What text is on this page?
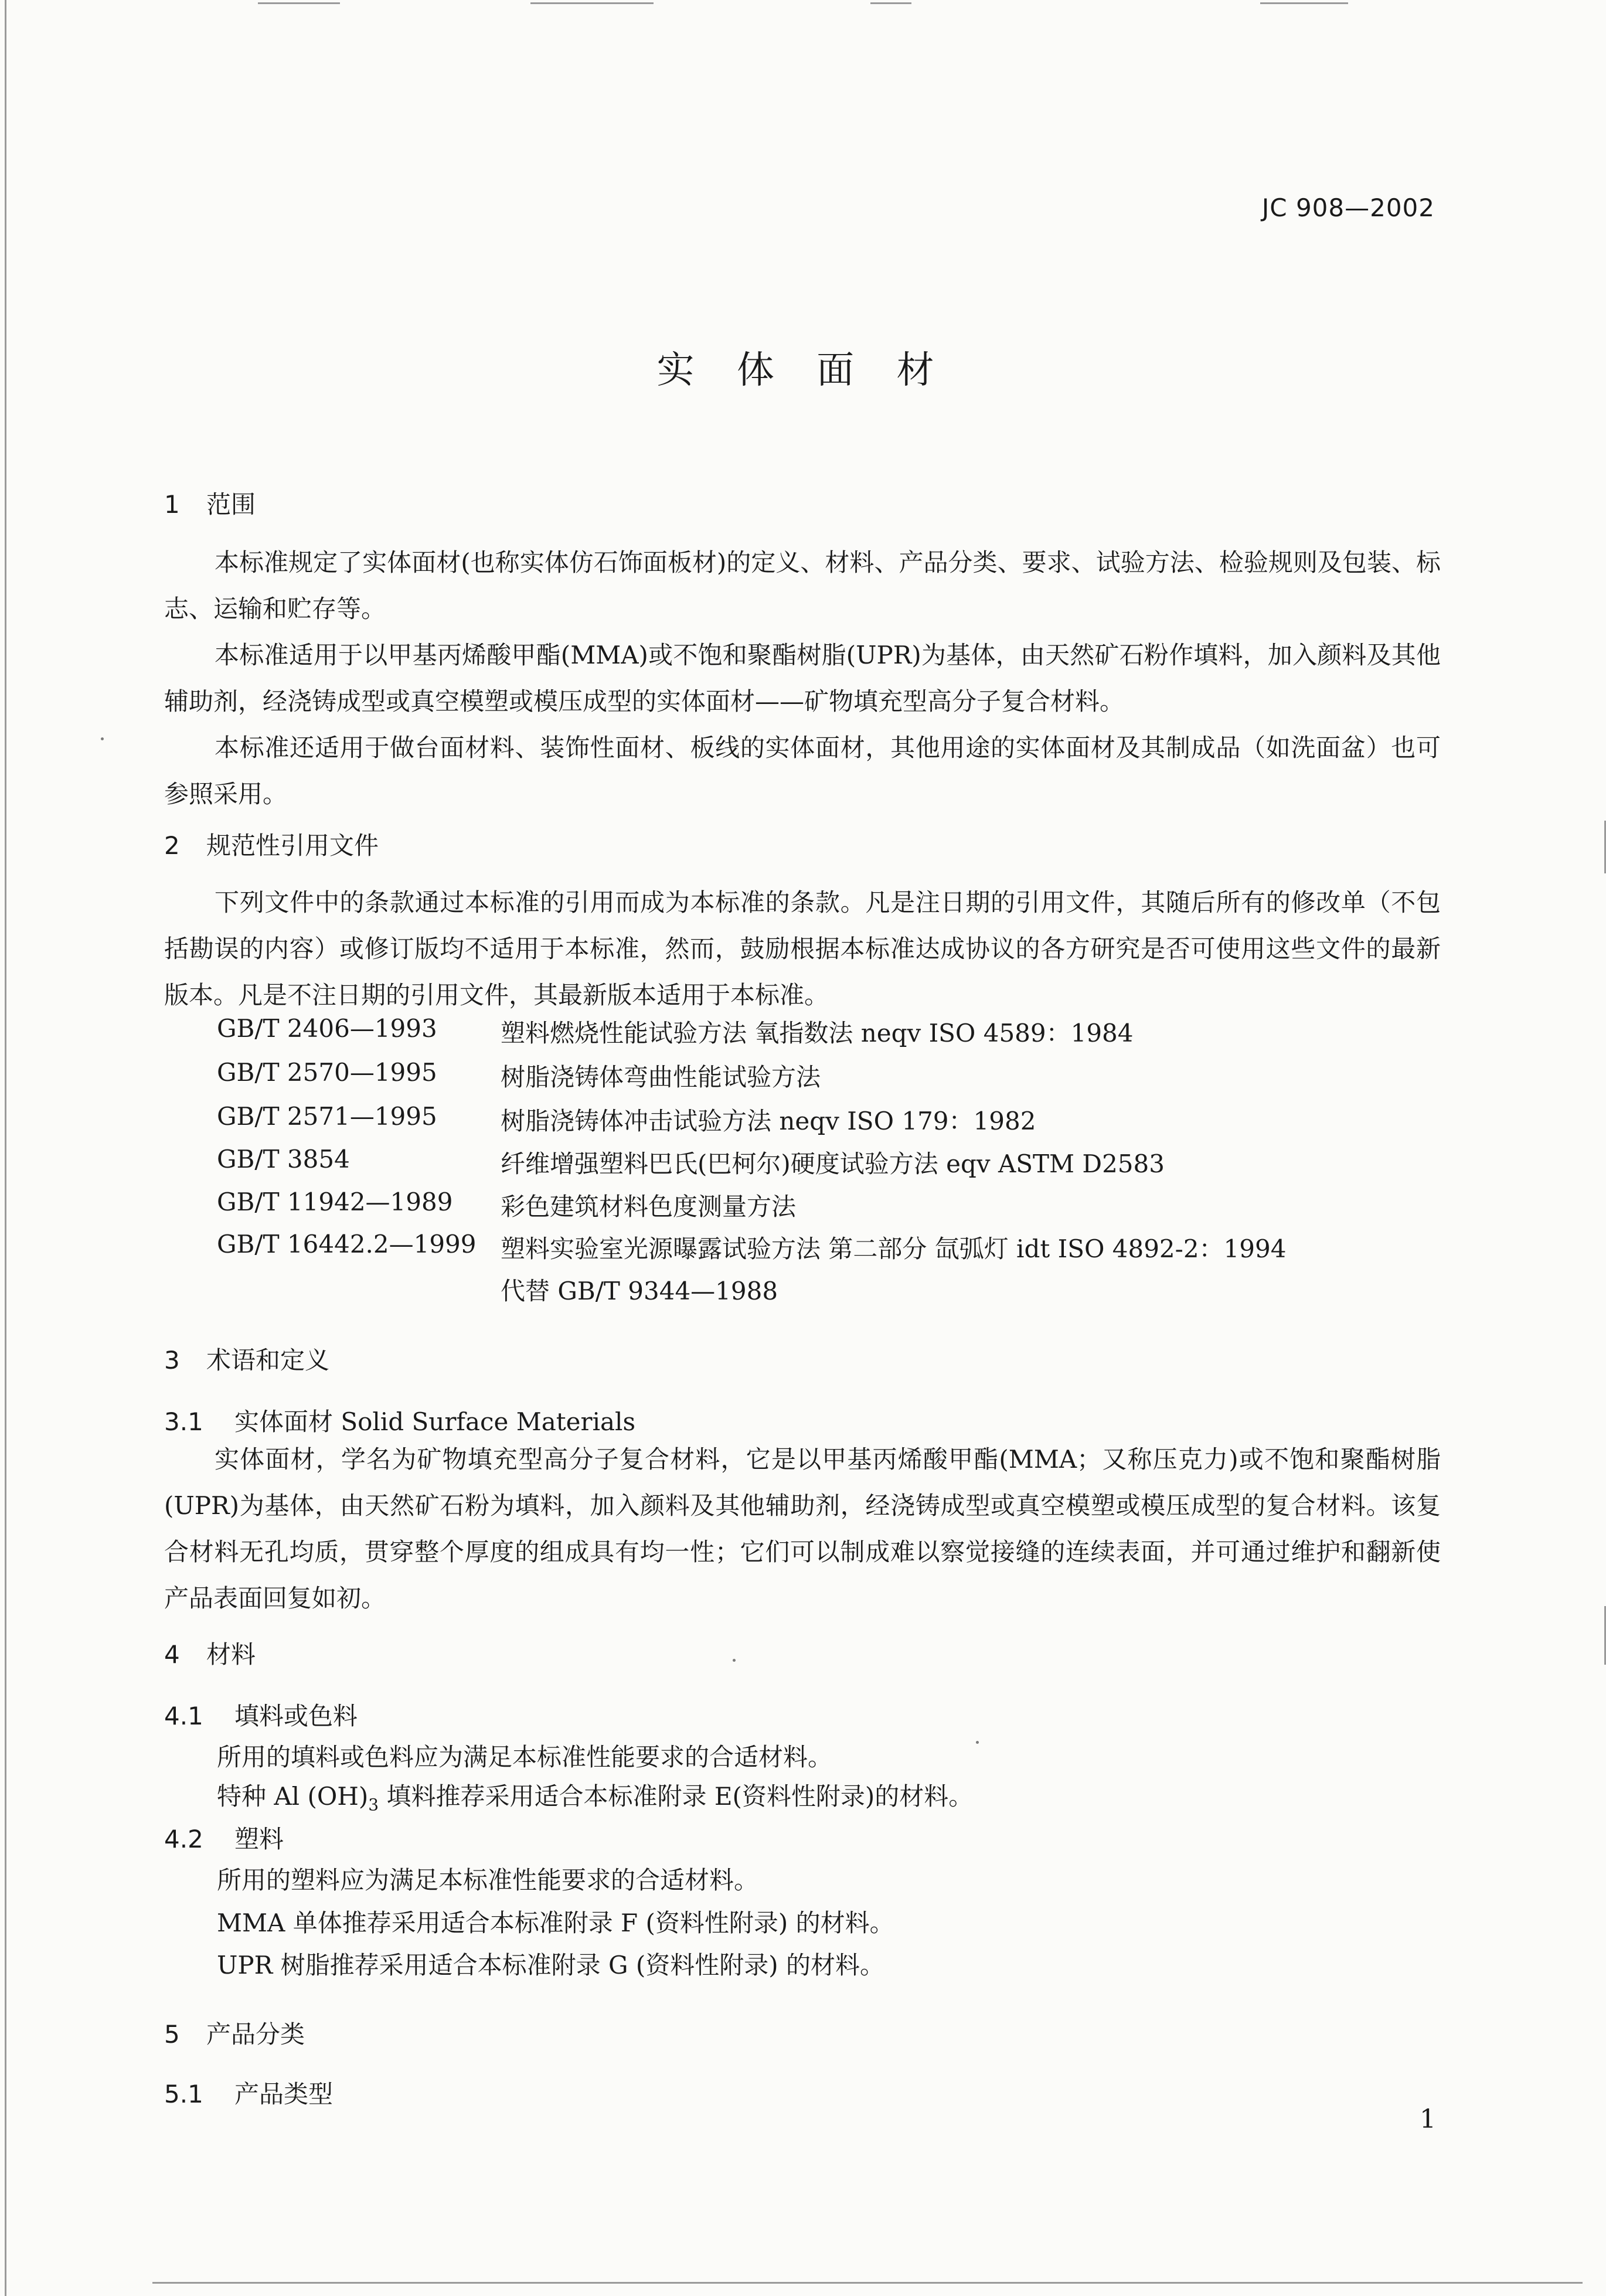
JC 908—2002
实 体 面 材
1 范围
本标准规定了实体面材(也称实体仿石饰面板材)的定义、材料、产品分类、要求、试验方法、检验规则及包装、标志、运输和贮存等。
本标准适用于以甲基丙烯酸甲酯(MMA)或不饱和聚酯树脂(UPR)为基体，由天然矿石粉作填料，加入颜料及其他辅助剂，经浇铸成型或真空模塑或模压成型的实体面材——矿物填充型高分子复合材料。
本标准还适用于做台面材料、装饰性面材、板线的实体面材，其他用途的实体面材及其制成品（如洗面盆）也可参照采用。
2 规范性引用文件
下列文件中的条款通过本标准的引用而成为本标准的条款。凡是注日期的引用文件，其随后所有的修改单（不包括勘误的内容）或修订版均不适用于本标准，然而，鼓励根据本标准达成协议的各方研究是否可使用这些文件的最新版本。凡是不注日期的引用文件，其最新版本适用于本标准。
GB/T 2406—1993	塑料燃烧性能试验方法 氧指数法 neqv ISO 4589：1984
GB/T 2570—1995	树脂浇铸体弯曲性能试验方法
GB/T 2571—1995	树脂浇铸体冲击试验方法 neqv ISO 179：1982
GB/T 3854	纤维增强塑料巴氏(巴柯尔)硬度试验方法 eqv ASTM D2583
GB/T 11942—1989 彩色建筑材料色度测量方法
GB/T 16442.2—1999 塑料实验室光源曝露试验方法 第二部分 氙弧灯 idt ISO 4892-2：1994
代替 GB/T 9344—1988
3 术语和定义
3.1 实体面材 Solid Surface Materials
实体面材，学名为矿物填充型高分子复合材料，它是以甲基丙烯酸甲酯(MMA；又称压克力)或不饱和聚酯树脂(UPR)为基体，由天然矿石粉为填料，加入颜料及其他辅助剂，经浇铸成型或真空模塑或模压成型的复合材料。该复合材料无孔均质，贯穿整个厚度的组成具有均一性；它们可以制成难以察觉接缝的连续表面，并可通过维护和翻新使产品表面回复如初。
4 材料
4.1 填料或色料
所用的填料或色料应为满足本标准性能要求的合适材料。
特种 Al $(OH)_3$ 填料推荐采用适合本标准附录 E(资料性附录)的材料。
4.2 塑料
所用的塑料应为满足本标准性能要求的合适材料。
MMA 单体推荐采用适合本标准附录 F (资料性附录) 的材料。
UPR 树脂推荐采用适合本标准附录 G (资料性附录) 的材料。
5 产品分类
5.1 产品类型
1
